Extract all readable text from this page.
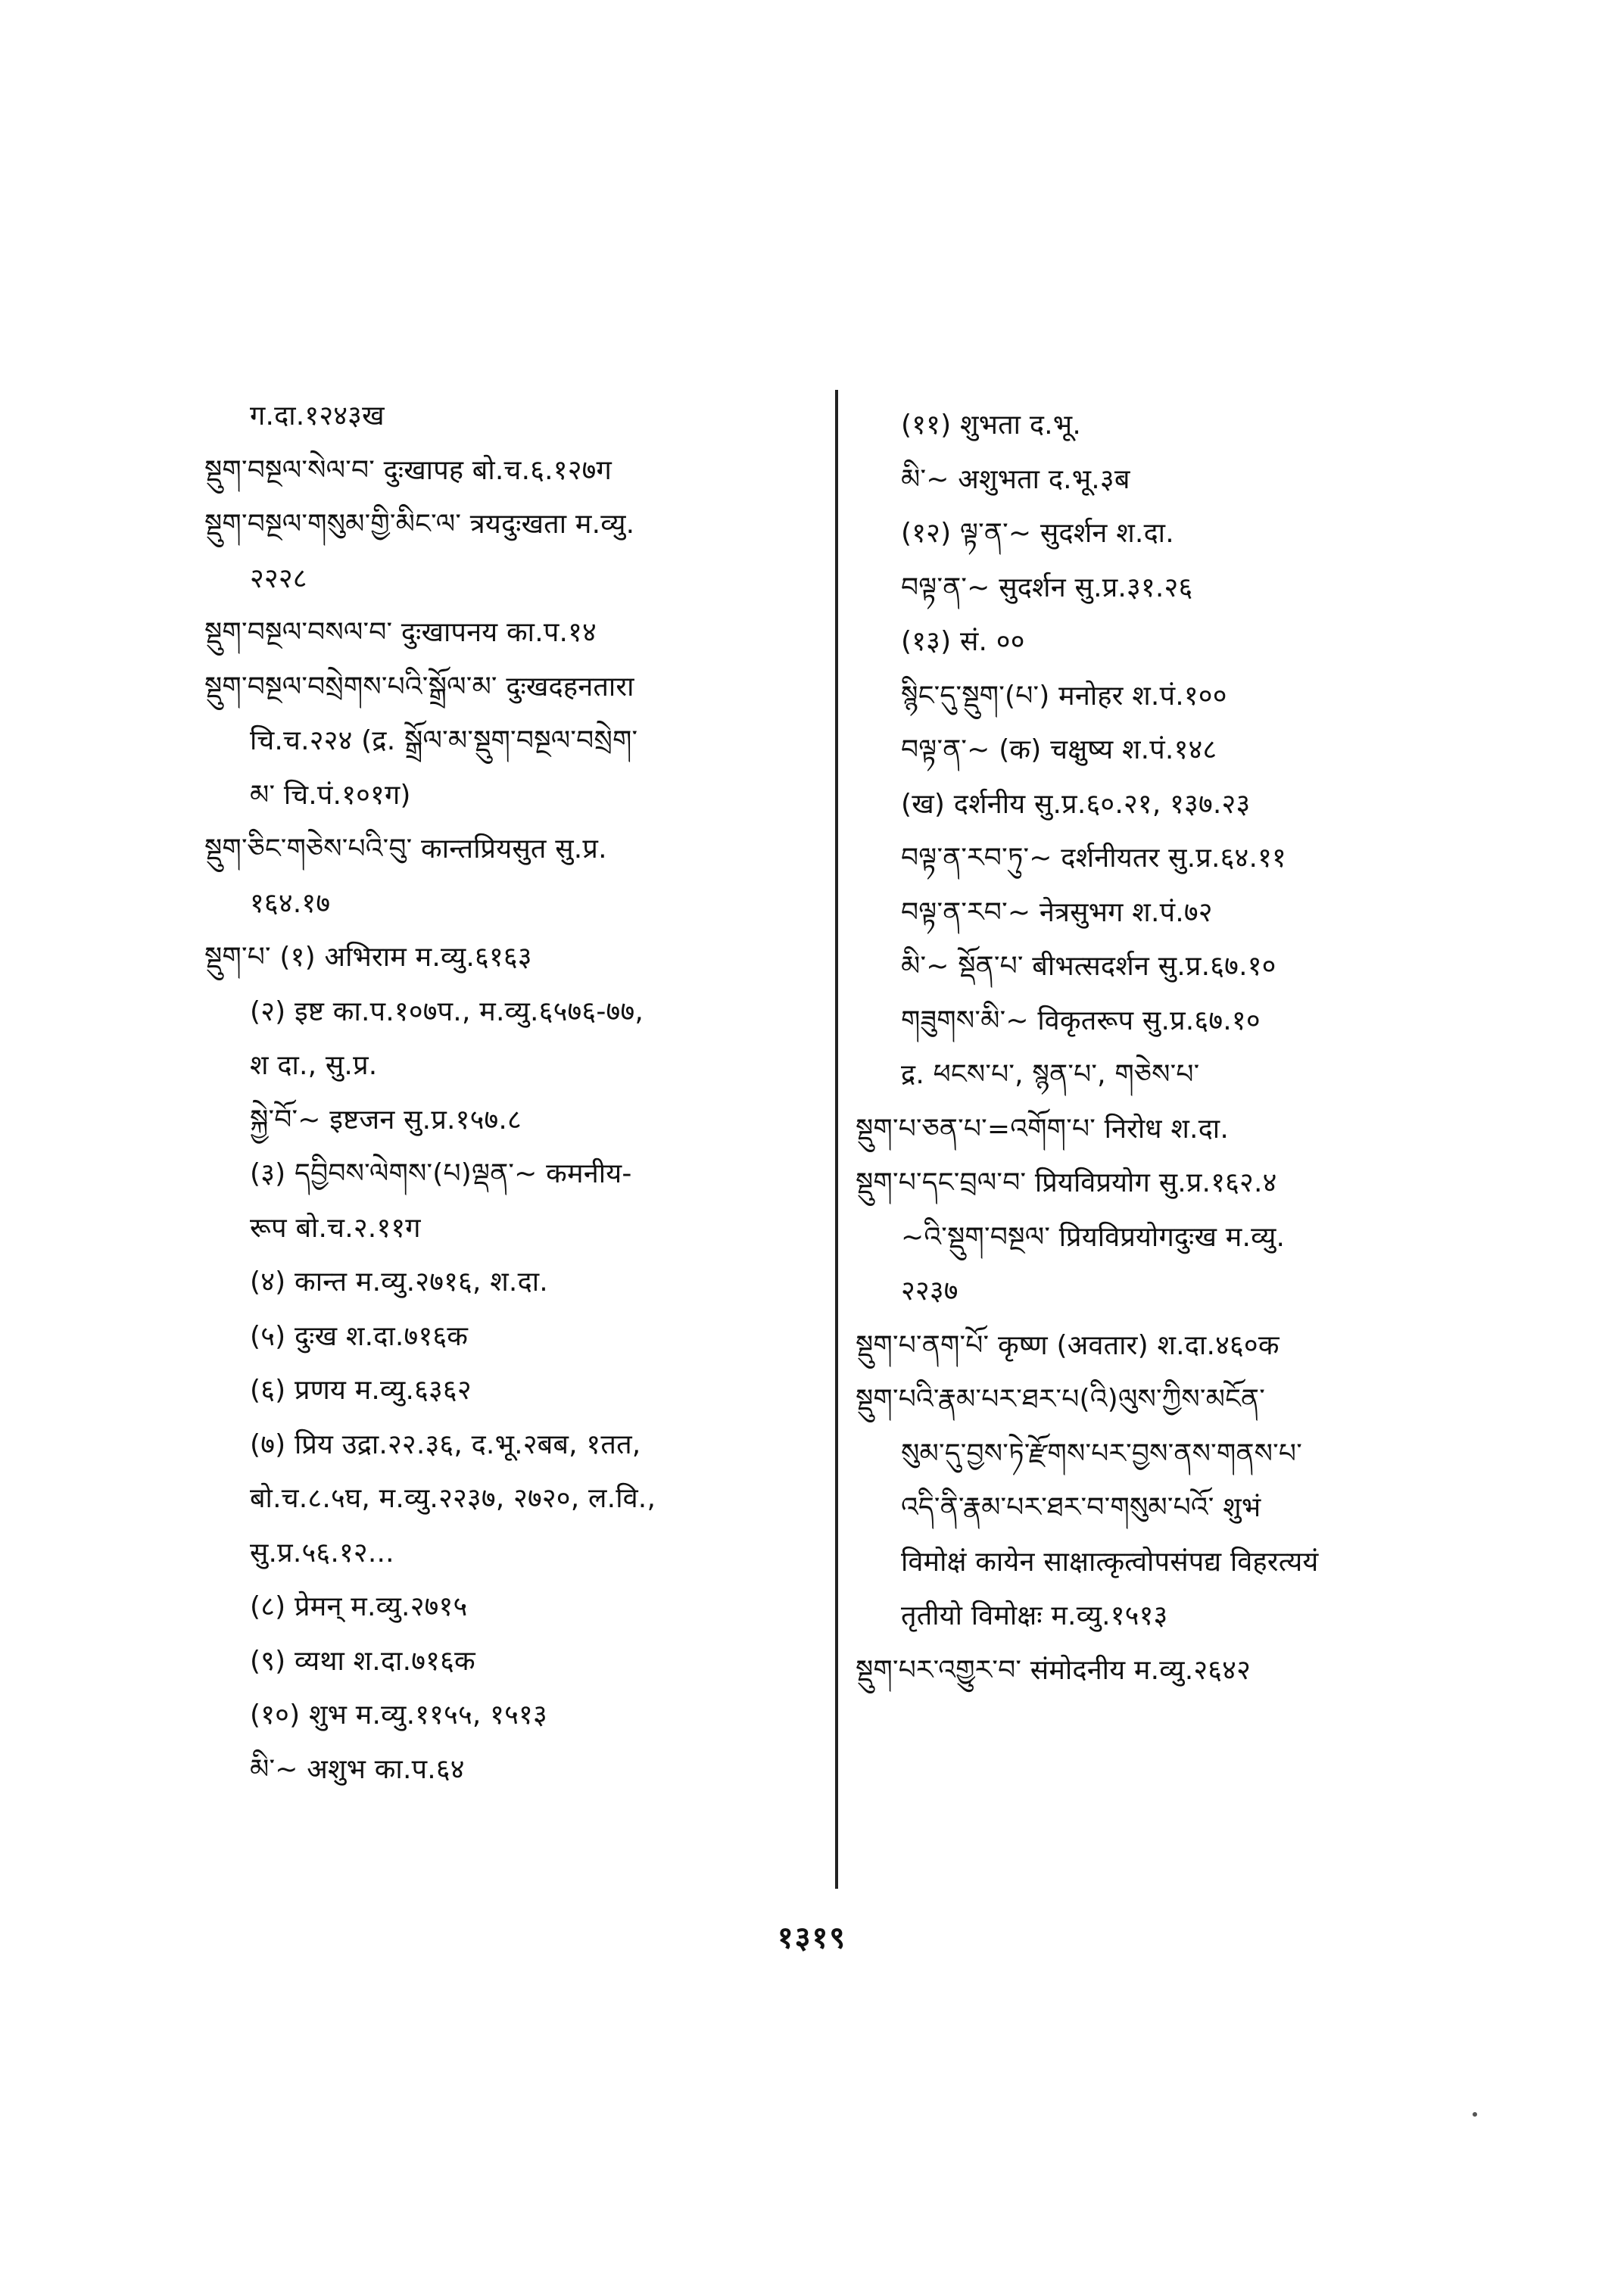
ग.दा.१२४३ख
སྡུག་བསྔལ་སེལ་བ་ दुःखापह बो.च.६.१२७ग
སྡུག་བསྔལ་གསུམ་གྱི་མིང་ལ་ त्रयदुःखता म.व्यु.
२२२८
སྡུག་བསྔལ་བསལ་བ་ दुःखापनय का.प.१४
སྡུག་བསྔལ་བསྲེགས་པའི་སྒྲོལ་མ་ दुःखदहनतारा
चि.च.२२४ (द्र. སྒྲོལ་མ་སྡུག་བསྔལ་བསྲེག་
མ་ चि.पं.१०१ग)
སྡུག་ཅིང་གཅེས་པའི་བུ་ कान्तप्रियसुत सु.प्र.
१६४.१७
སྡུག་པ་ (१) अभिराम म.व्यु.६१६३
(२) इष्ट का.प.१०७प., म.व्यु.६५७६-७७,
श दा., सु.प्र.
སྐྱེ་བོ་~ इष्टजन सु.प्र.१५७.८
(३) དབྱིབས་ལེགས་(པ)ལྡན་~ कमनीय-
रूप बो.च.२.११ग
(४) कान्त म.व्यु.२७१६, श.दा.
(५) दुःख श.दा.७१६क
(६) प्रणय म.व्यु.६३६२
(७) प्रिय उद्रा.२२.३६, द.भू.२बब, १तत,
बो.च.८.५घ, म.व्यु.२२३७, २७२०, ल.वि.,
सु.प्र.५६.१२...
(८) प्रेमन् म.व्यु.२७१५
(९) व्यथा श.दा.७१६क
(१०) शुभ म.व्यु.११५५, १५१३
མི་~ अशुभ का.प.६४
(११) शुभता द.भू.
མི་~ अशुभता द.भू.३ब
(१२) ལྟ་ན་~ सुदर्शन श.दा.
བལྟ་ན་~ सुदर्शन सु.प्र.३१.२६
(१३) सं. ००
སྙིང་དུ་སྡུག་(པ་) मनोहर श.पं.१००
བལྟ་ན་~ (क) चक्षुष्य श.पं.१४८
(ख) दर्शनीय सु.प्र.६०.२१, १३७.२३
བལྟ་ན་རབ་ཏུ་~ दर्शनीयतर सु.प्र.६४.११
བལྟ་ན་རབ་~ नेत्रसुभग श.पं.७२
མི་~ སྡོན་པ་ बीभत्सदर्शन सु.प्र.६७.१०
གཟུགས་མི་~ विकृतरूप सु.प्र.६७.१०
द्र. ཕངས་པ་, སྙན་པ་, གཅེས་པ་
སྡུག་པ་ཅན་པ་=འགོག་པ་ निरोध श.दा.
སྡུག་པ་དང་བྲལ་བ་ प्रियविप्रयोग सु.प्र.१६२.४
~འི་སྡུག་བསྔལ་ प्रियविप्रयोगदुःख म.व्यु.
२२३७
སྡུག་པ་ནག་པོ་ कृष्ण (अवतार) श.दा.४६०क
སྡུག་པའི་རྣམ་པར་ཐར་པ(འི)ལུས་ཀྱིས་མངོན་
སུམ་དུ་བྱས་ཏེ་རྫོགས་པར་བྱས་ནས་གནས་པ་
འདི་ནི་རྣམ་པར་ཐར་བ་གསུམ་པའོ་ शुभं
विमोक्षं कायेन साक्षात्कृत्वोपसंपद्य विहरत्ययं
तृतीयो विमोक्षः म.व्यु.१५१३
སྡུག་པར་འགྱུར་བ་ संमोदनीय म.व्यु.२६४२
१३१९
